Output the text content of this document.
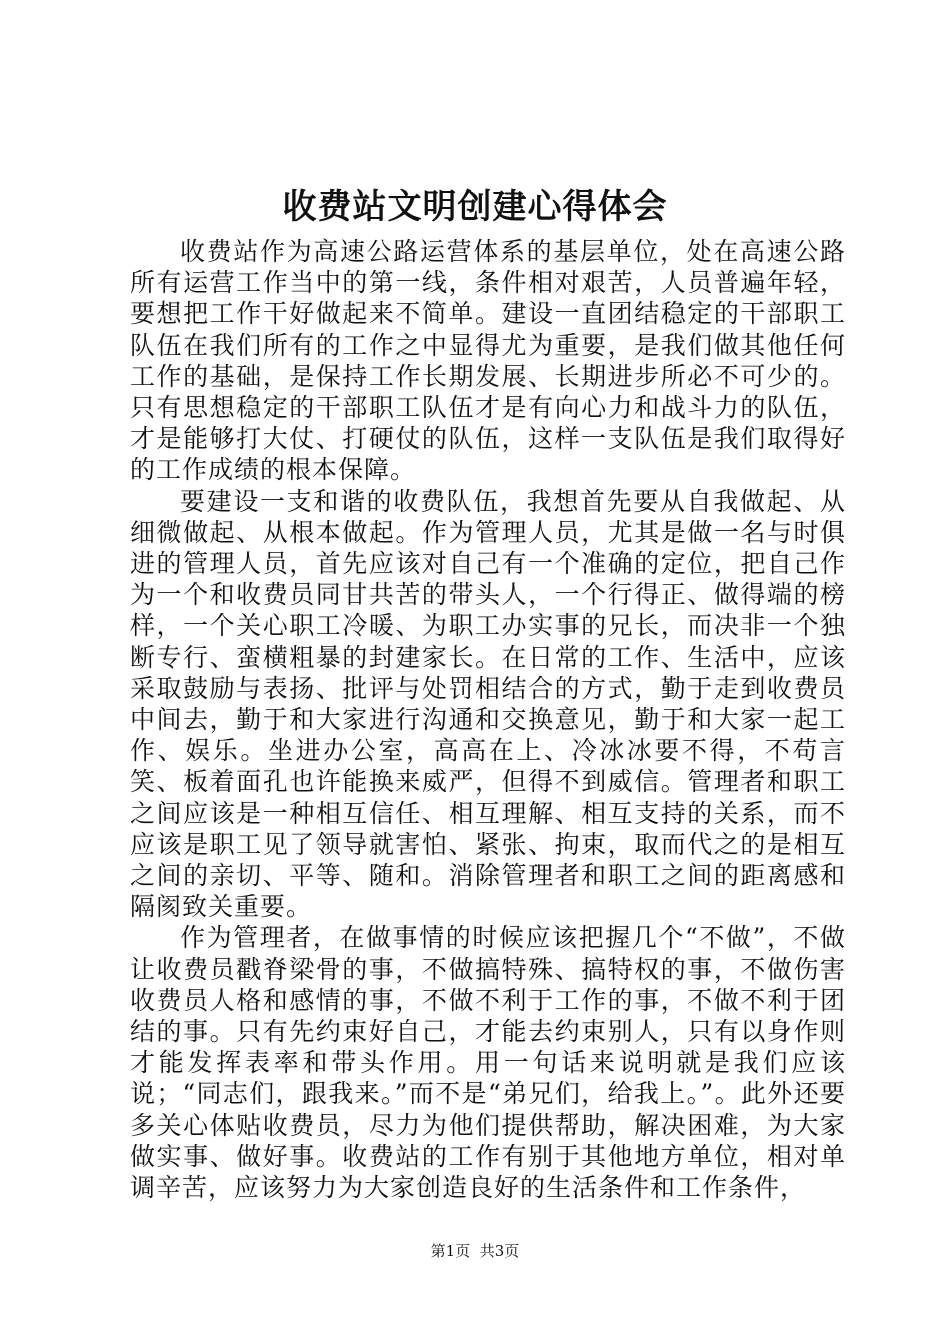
收费站文明创建心得体会

收费站作为高速公路运营体系的基层单位，处在高速公路所有运营工作当中的第一线，条件相对艰苦，人员普遍年轻，要想把工作干好做起来不简单。建设一直团结稳定的干部职工队伍在我们所有的工作之中显得尤为重要，是我们做其他任何工作的基础，是保持工作长期发展、长期进步所必不可少的。只有思想稳定的干部职工队伍才是有向心力和战斗力的队伍，才是能够打大仗、打硬仗的队伍，这样一支队伍是我们取得好的工作成绩的根本保障。

要建设一支和谐的收费队伍，我想首先要从自我做起、从细微做起、从根本做起。作为管理人员，尤其是做一名与时俱进的管理人员，首先应该对自己有一个准确的定位，把自己作为一个和收费员同甘共苦的带头人，一个行得正、做得端的榜样，一个关心职工冷暖、为职工办实事的兄长，而决非一个独断专行、蛮横粗暴的封建家长。在日常的工作、生活中，应该采取鼓励与表扬、批评与处罚相结合的方式，勤于走到收费员中间去，勤于和大家进行沟通和交换意见，勤于和大家一起工作、娱乐。坐进办公室，高高在上、冷冰冰要不得，不苟言笑、板着面孔也许能换来威严，但得不到威信。管理者和职工之间应该是一种相互信任、相互理解、相互支持的关系，而不应该是职工见了领导就害怕、紧张、拘束，取而代之的是相互之间的亲切、平等、随和。消除管理者和职工之间的距离感和隔阂致关重要。

作为管理者，在做事情的时候应该把握几个“不做”，不做让收费员戳脊梁骨的事，不做搞特殊、搞特权的事，不做伤害收费员人格和感情的事，不做不利于工作的事，不做不利于团结的事。只有先约束好自己，才能去约束别人，只有以身作则才能发挥表率和带头作用。用一句话来说明就是我们应该说；“同志们，跟我来。”而不是“弟兄们，给我上。”。此外还要多关心体贴收费员，尽力为他们提供帮助，解决困难，为大家做实事、做好事。收费站的工作有别于其他地方单位，相对单调辛苦，应该努力为大家创造良好的生活条件和工作条件，

第1页 共3页
